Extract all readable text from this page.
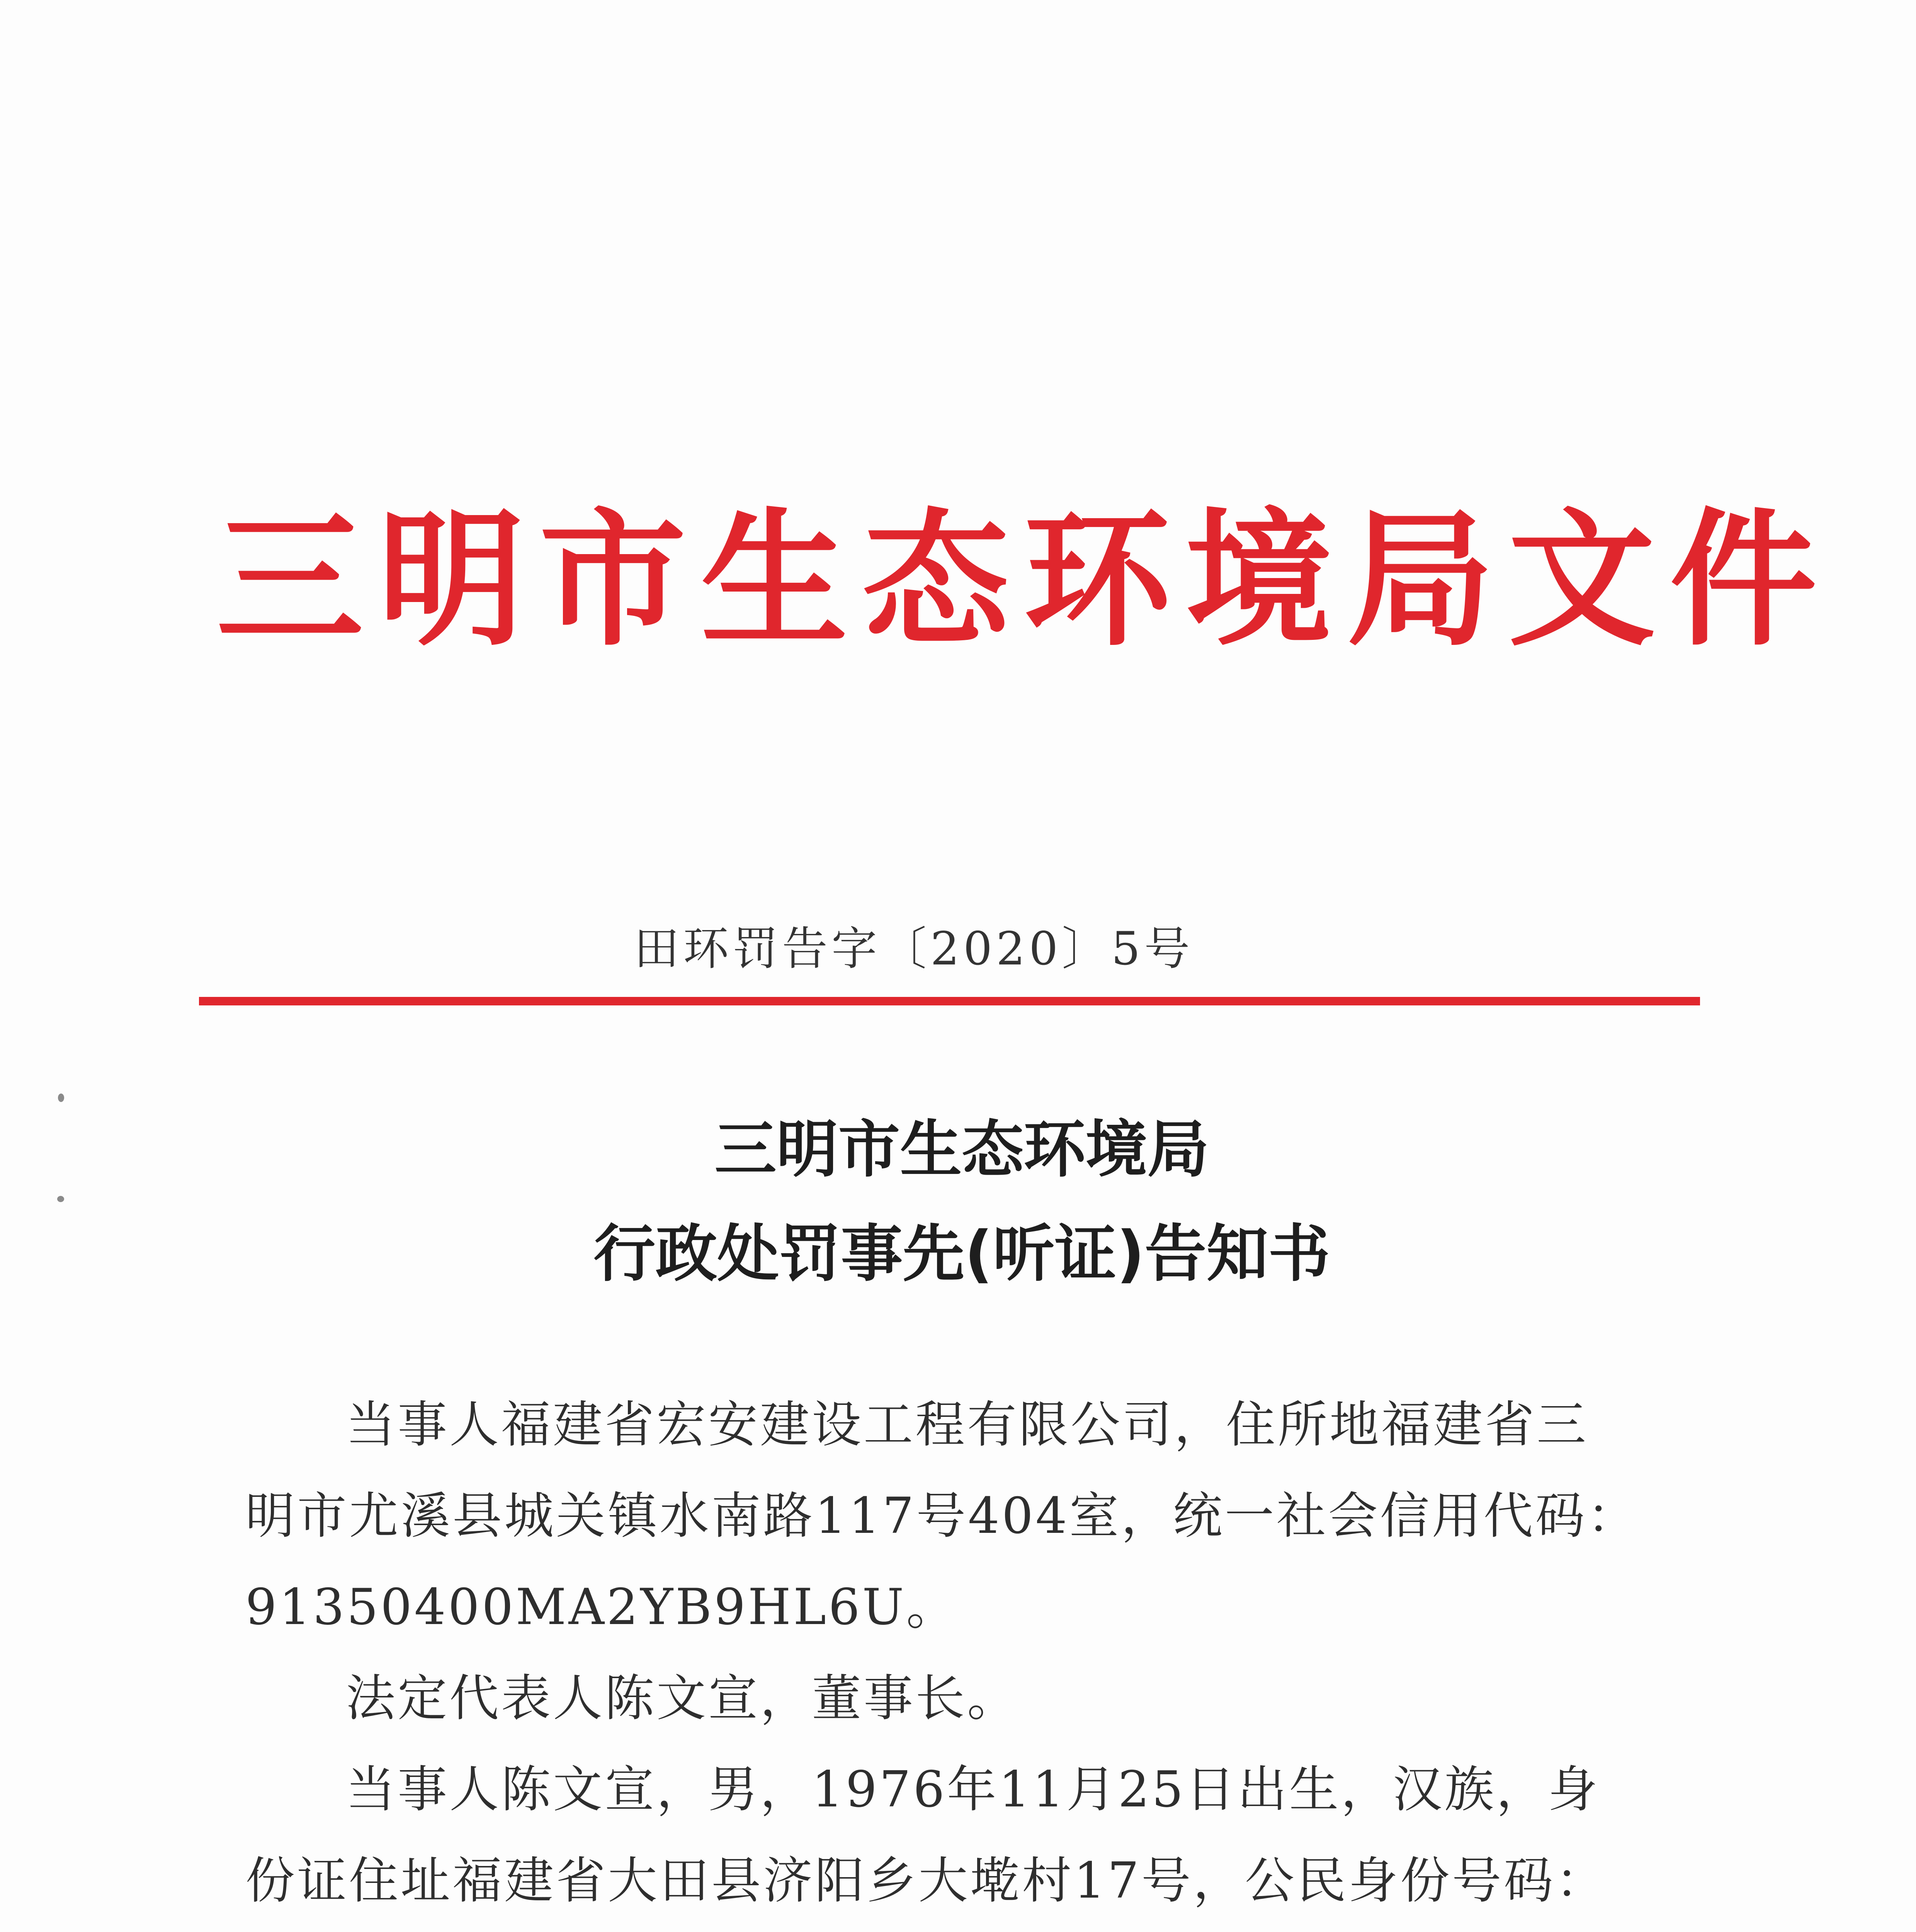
三明市生态环境局文件
田环罚告字〔2020〕5号
三明市生态环境局
行政处罚事先(听证)告知书
当事人福建省宏安建设工程有限公司，住所地福建省三
明市尤溪县城关镇水南路117号404室，统一社会信用代码：
91350400MA2YB9HL6U。
法定代表人陈文宣，董事长。
当事人陈文宣，男，1976年11月25日出生，汉族，身
份证住址福建省大田县济阳乡大墘村17号，公民身份号码：
